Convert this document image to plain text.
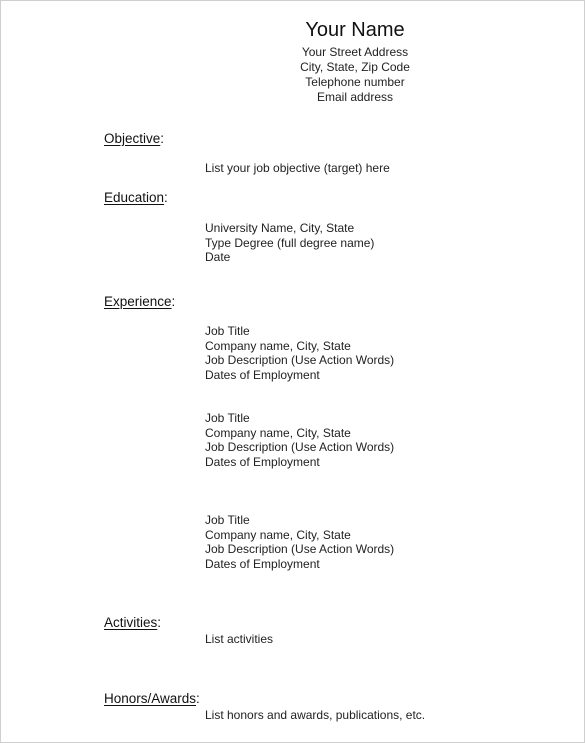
Your Name
Your Street Address
City, State, Zip Code
Telephone number
Email address
Objective:
List your job objective (target) here
Education:
University Name, City, State
Type Degree (full degree name)
Date
Experience:
Job Title
Company name, City, State
Job Description (Use Action Words)
Dates of Employment
Job Title
Company name, City, State
Job Description (Use Action Words)
Dates of Employment
Job Title
Company name, City, State
Job Description (Use Action Words)
Dates of Employment
Activities:
List activities
Honors/Awards:
List honors and awards, publications, etc.
